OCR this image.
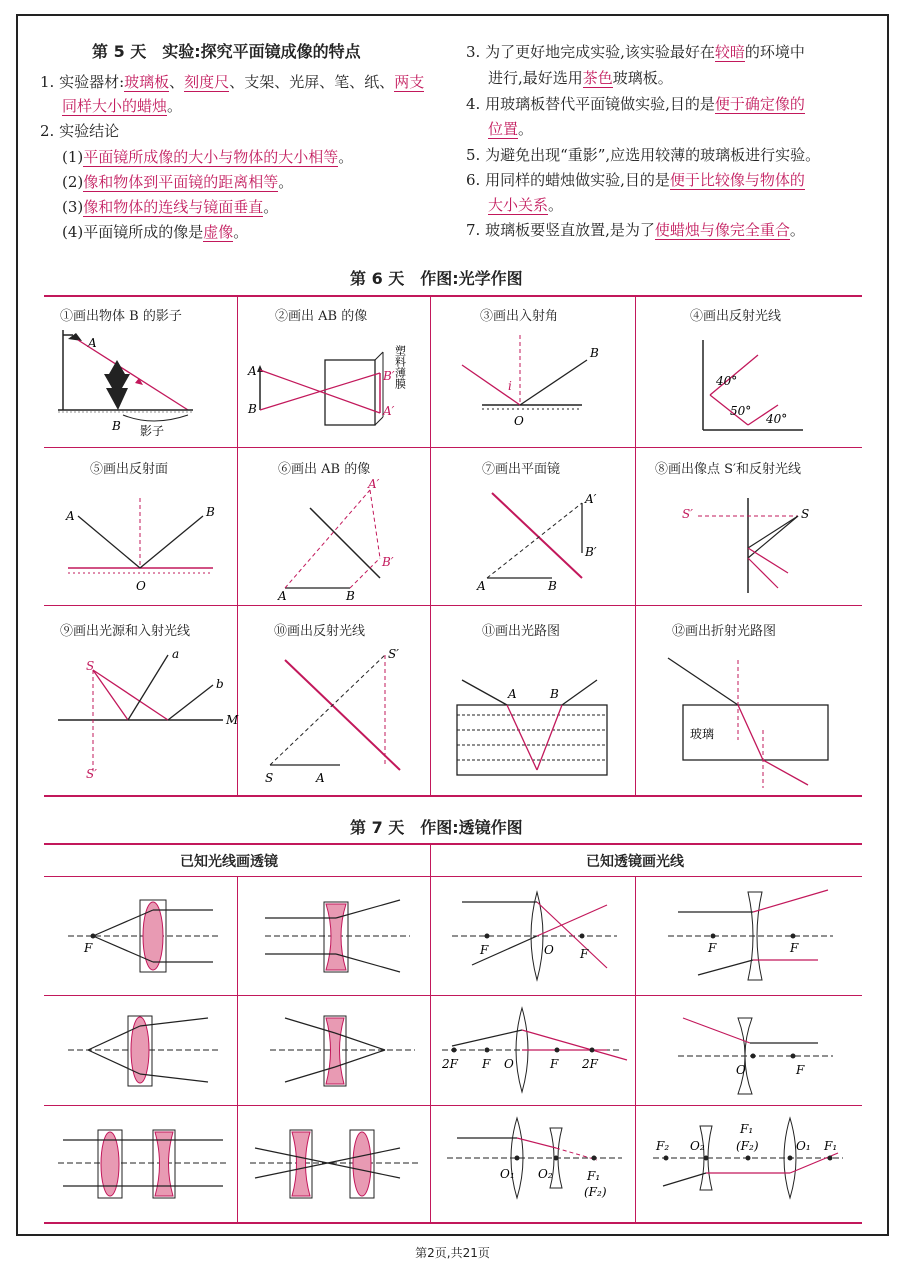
第 5 天　实验:探究平面镜成像的特点
1. 实验器材:玻璃板、刻度尺、支架、光屏、笔、纸、两支
同样大小的蜡烛。
2. 实验结论
(1)平面镜所成像的大小与物体的大小相等。
(2)像和物体到平面镜的距离相等。
(3)像和物体的连线与镜面垂直。
(4)平面镜所成的像是虚像。
3. 为了更好地完成实验,该实验最好在较暗的环境中
进行,最好选用茶色玻璃板。
4. 用玻璃板替代平面镜做实验,目的是便于确定像的
位置。
5. 为避免出现“重影”,应选用较薄的玻璃板进行实验。
6. 用同样的蜡烛做实验,目的是便于比较像与物体的
大小关系。
7. 玻璃板要竖直放置,是为了使蜡烛与像完全重合。
第 6 天　作图:光学作图
①画出物体 B 的影子	②画出 AB 的像	③画出入射角	④画出反射光线
⑤画出反射面	⑥画出 AB 的像	⑦画出平面镜	⑧画出像点 S′和反射光线
⑨画出光源和入射光线	⑩画出反射光线	⑪画出光路图	⑫画出折射光路图
A
B 影子
A
B
B′
A′
塑料薄膜	B
i
O
40°
50°
40°
A	B
O
A	B
A′
B′
A	B
A′
B′
S′	S
M
S
S′
a
b
S	A
S′
A	B
玻璃
第 7 天　作图:透镜作图
已知光线画透镜	已知透镜画光线
F	F	O F	F	F
2F F O	F 2F	O	F
O₁ O₂	F₁
(F₂)
F₂ O₂
F₁
(F₂)	O₁ F₁
第2页,共21页
